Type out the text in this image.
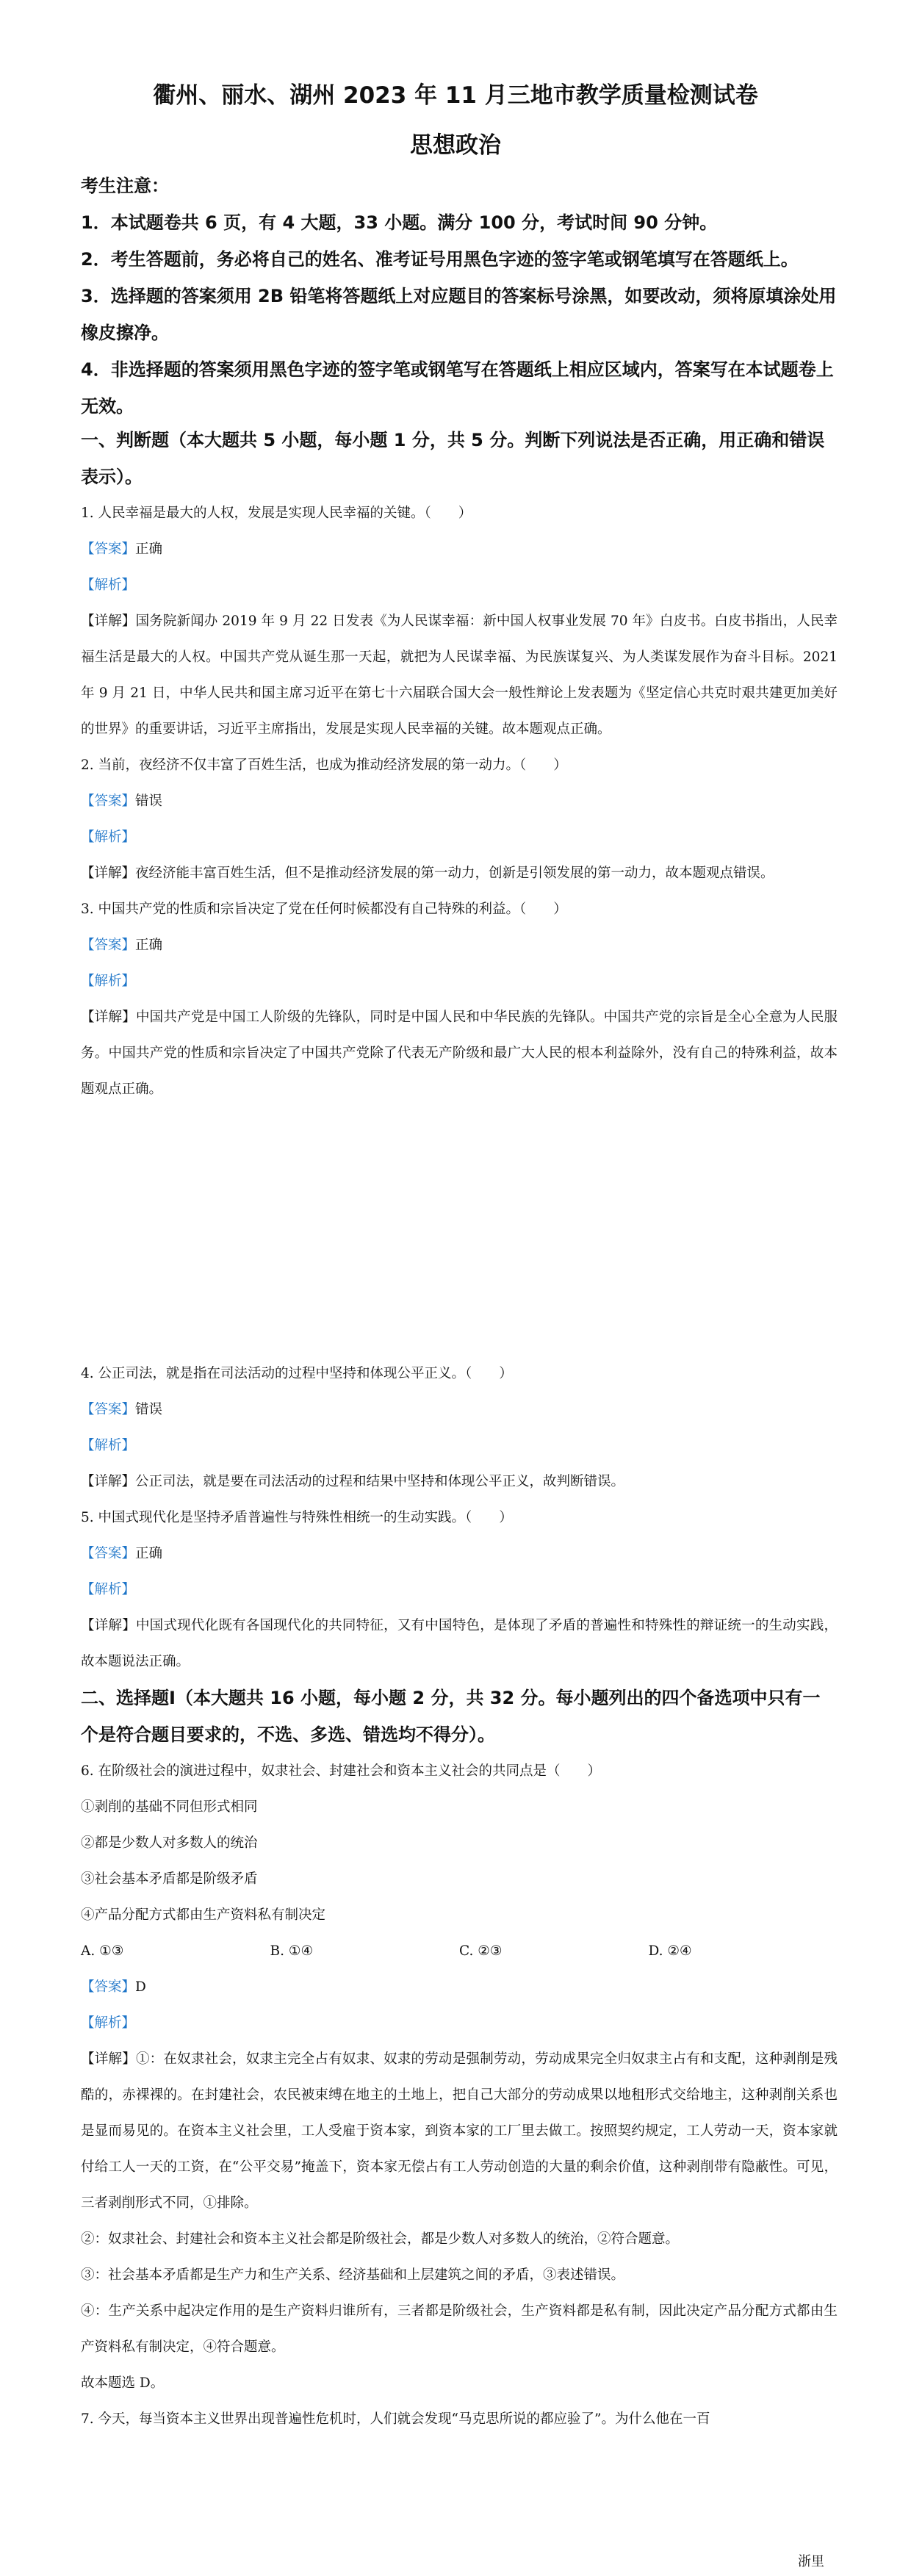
衢州、丽水、湖州 2023 年 11 月三地市教学质量检测试卷
思想政治

考生注意：

1．本试题卷共 6 页，有 4 大题，33 小题。满分 100 分，考试时间 90 分钟。

2．考生答题前，务必将自己的姓名、准考证号用黑色字迹的签字笔或钢笔填写在答题纸上。

3．选择题的答案须用 2B 铅笔将答题纸上对应题目的答案标号涂黑，如要改动，须将原填涂处用橡皮擦净。

4．非选择题的答案须用黑色字迹的签字笔或钢笔写在答题纸上相应区域内，答案写在本试题卷上无效。

一、判断题（本大题共 5 小题，每小题 1 分，共 5 分。判断下列说法是否正确，用正确和错误表示）。

1. 人民幸福是最大的人权，发展是实现人民幸福的关键。（　　）

【答案】正确

【解析】

【详解】国务院新闻办 2019 年 9 月 22 日发表《为人民谋幸福：新中国人权事业发展 70 年》白皮书。白皮书指出，人民幸福生活是最大的人权。中国共产党从诞生那一天起，就把为人民谋幸福、为民族谋复兴、为人类谋发展作为奋斗目标。2021 年 9 月 21 日，中华人民共和国主席习近平在第七十六届联合国大会一般性辩论上发表题为《坚定信心共克时艰共建更加美好的世界》的重要讲话，习近平主席指出，发展是实现人民幸福的关键。故本题观点正确。

2. 当前，夜经济不仅丰富了百姓生活，也成为推动经济发展的第一动力。（　　）

【答案】错误

【解析】

【详解】夜经济能丰富百姓生活，但不是推动经济发展的第一动力，创新是引领发展的第一动力，故本题观点错误。

3. 中国共产党的性质和宗旨决定了党在任何时候都没有自己特殊的利益。（　　）

【答案】正确

【解析】

【详解】中国共产党是中国工人阶级的先锋队，同时是中国人民和中华民族的先锋队。中国共产党的宗旨是全心全意为人民服务。中国共产党的性质和宗旨决定了中国共产党除了代表无产阶级和最广大人民的根本利益除外，没有自己的特殊利益，故本题观点正确。

4. 公正司法，就是指在司法活动的过程中坚持和体现公平正义。（　　）

【答案】错误

【解析】

【详解】公正司法，就是要在司法活动的过程和结果中坚持和体现公平正义，故判断错误。

5. 中国式现代化是坚持矛盾普遍性与特殊性相统一的生动实践。（　　）

【答案】正确

【解析】

【详解】中国式现代化既有各国现代化的共同特征，又有中国特色，是体现了矛盾的普遍性和特殊性的辩证统一的生动实践，故本题说法正确。

二、选择题Ⅰ（本大题共 16 小题，每小题 2 分，共 32 分。每小题列出的四个备选项中只有一个是符合题目要求的，不选、多选、错选均不得分）。

6. 在阶级社会的演进过程中，奴隶社会、封建社会和资本主义社会的共同点是（　　）

①剥削的基础不同但形式相同

②都是少数人对多数人的统治

③社会基本矛盾都是阶级矛盾

④产品分配方式都由生产资料私有制决定

A. ①③	B. ①④	C. ②③	D. ②④

【答案】D

【解析】

【详解】①：在奴隶社会，奴隶主完全占有奴隶、奴隶的劳动是强制劳动，劳动成果完全归奴隶主占有和支配，这种剥削是残酷的，赤裸裸的。在封建社会，农民被束缚在地主的土地上，把自己大部分的劳动成果以地租形式交给地主，这种剥削关系也是显而易见的。在资本主义社会里，工人受雇于资本家，到资本家的工厂里去做工。按照契约规定，工人劳动一天，资本家就付给工人一天的工资，在“公平交易”掩盖下，资本家无偿占有工人劳动创造的大量的剩余价值，这种剥削带有隐蔽性。可见，三者剥削形式不同，①排除。

②：奴隶社会、封建社会和资本主义社会都是阶级社会，都是少数人对多数人的统治，②符合题意。

③：社会基本矛盾都是生产力和生产关系、经济基础和上层建筑之间的矛盾，③表述错误。

④：生产关系中起决定作用的是生产资料归谁所有，三者都是阶级社会，生产资料都是私有制，因此决定产品分配方式都由生产资料私有制决定，④符合题意。

故本题选 D。

7. 今天，每当资本主义世界出现普遍性危机时，人们就会发现“马克思所说的都应验了”。为什么他在一百

浙里
